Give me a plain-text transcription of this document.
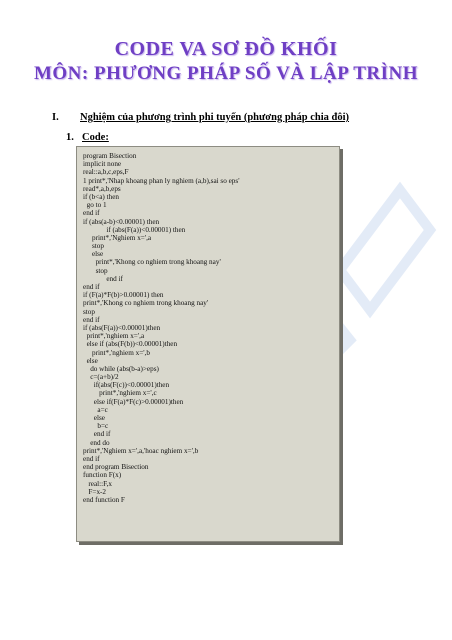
CODE VA SƠ ĐỒ KHỐI
MÔN: PHƯƠNG PHÁP SỐ VÀ LẬP TRÌNH
I. Nghiệm của phương trình phi tuyến (phương pháp chia đôi)
1. Code:
program Bisection
implicit none
real::a,b,c,eps,F
1 print*,'Nhap khoang phan ly nghiem (a,b),sai so eps'
read*,a,b,eps
if (b<a) then
go to 1
end if
if (abs(a-b)<0.00001) then
if (abs(F(a))<0.00001) then
print*,'Nghiem x=',a
stop
else
print*,'Khong co nghiem trong khoang nay'
stop
end if
end if
if (F(a)*F(b)>0.00001) then
print*,'Khong co nghiem trong khoang nay'
stop
end if
if (abs(F(a))<0.00001)then
print*,'nghiem x=',a
else if (abs(F(b))<0.00001)then
print*,'nghiem x=',b
else
do while (abs(b-a)>eps)
c=(a+b)/2
if(abs(F(c))<0.00001)then
print*,'nghiem x=',c
else if(F(a)*F(c)>0.00001)then
a=c
else
b=c
end if
end do
print*,'Nghiem x=',a,'hoac nghiem x=',b
end if
end program Bisection
function F(x)
real::F,x
F=x-2
end function F
